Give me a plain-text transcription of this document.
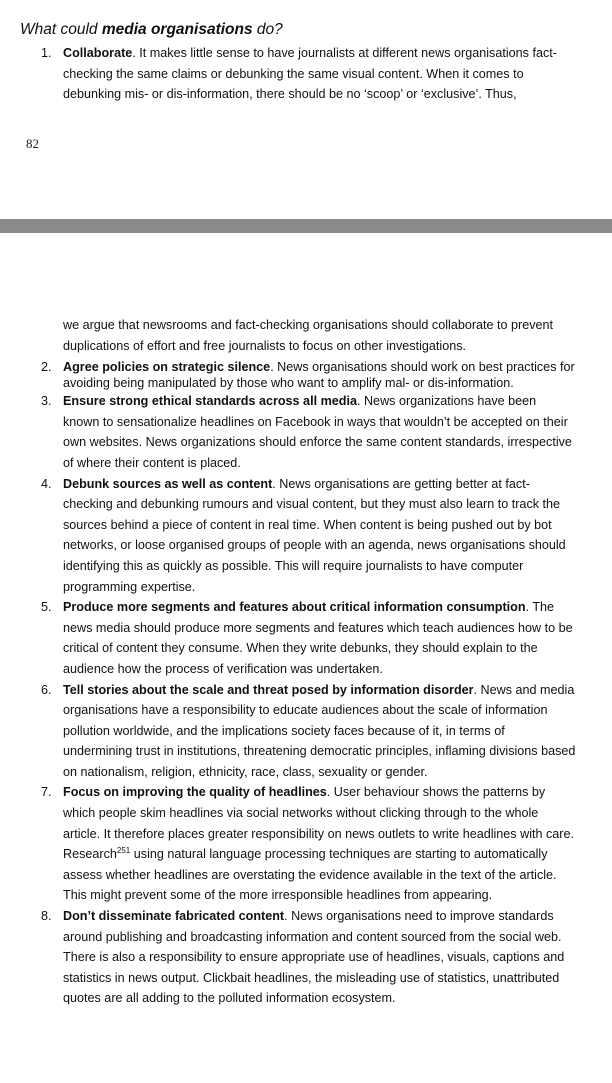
What could media organisations do?
1. Collaborate. It makes little sense to have journalists at different news organisations fact-checking the same claims or debunking the same visual content. When it comes to debunking mis- or dis-information, there should be no ‘scoop’ or ‘exclusive’. Thus,
82
we argue that newsrooms and fact-checking organisations should collaborate to prevent duplications of effort and free journalists to focus on other investigations.
2. Agree policies on strategic silence. News organisations should work on best practices for avoiding being manipulated by those who want to amplify mal- or dis-information.
3. Ensure strong ethical standards across all media. News organizations have been known to sensationalize headlines on Facebook in ways that wouldn’t be accepted on their own websites. News organizations should enforce the same content standards, irrespective of where their content is placed.
4. Debunk sources as well as content. News organisations are getting better at fact-checking and debunking rumours and visual content, but they must also learn to track the sources behind a piece of content in real time. When content is being pushed out by bot networks, or loose organised groups of people with an agenda, news organisations should identifying this as quickly as possible. This will require journalists to have computer programming expertise.
5. Produce more segments and features about critical information consumption. The news media should produce more segments and features which teach audiences how to be critical of content they consume. When they write debunks, they should explain to the audience how the process of verification was undertaken.
6. Tell stories about the scale and threat posed by information disorder. News and media organisations have a responsibility to educate audiences about the scale of information pollution worldwide, and the implications society faces because of it, in terms of undermining trust in institutions, threatening democratic principles, inflaming divisions based on nationalism, religion, ethnicity, race, class, sexuality or gender.
7. Focus on improving the quality of headlines. User behaviour shows the patterns by which people skim headlines via social networks without clicking through to the whole article. It therefore places greater responsibility on news outlets to write headlines with care. Research$^{251}$ using natural language processing techniques are starting to automatically assess whether headlines are overstating the evidence available in the text of the article. This might prevent some of the more irresponsible headlines from appearing.
8. Don’t disseminate fabricated content. News organisations need to improve standards around publishing and broadcasting information and content sourced from the social web. There is also a responsibility to ensure appropriate use of headlines, visuals, captions and statistics in news output. Clickbait headlines, the misleading use of statistics, unattributed quotes are all adding to the polluted information ecosystem.
